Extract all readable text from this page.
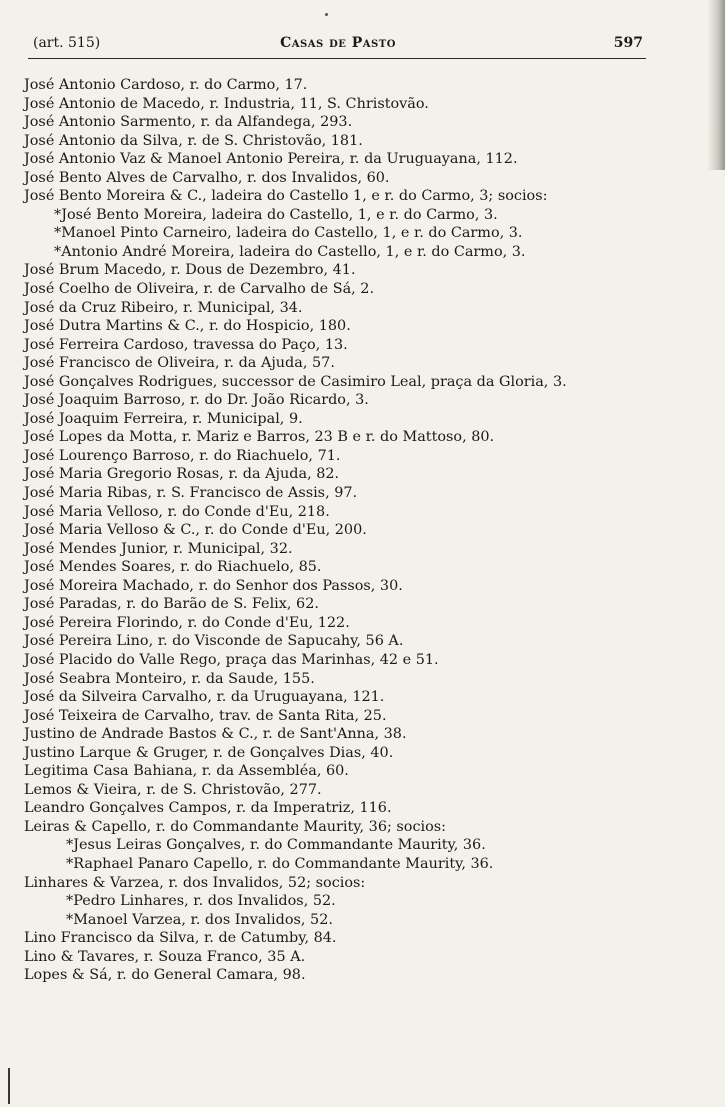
(art. 515)	Casas de Pasto	597
José Antonio Cardoso, r. do Carmo, 17.
José Antonio de Macedo, r. Industria, 11, S. Christovão.
José Antonio Sarmento, r. da Alfandega, 293.
José Antonio da Silva, r. de S. Christovão, 181.
José Antonio Vaz & Manoel Antonio Pereira, r. da Uruguayana, 112.
José Bento Alves de Carvalho, r. dos Invalidos, 60.
José Bento Moreira & C., ladeira do Castello 1, e r. do Carmo, 3; socios:
*José Bento Moreira, ladeira do Castello, 1, e r. do Carmo, 3.
*Manoel Pinto Carneiro, ladeira do Castello, 1, e r. do Carmo, 3.
*Antonio André Moreira, ladeira do Castello, 1, e r. do Carmo, 3.
José Brum Macedo, r. Dous de Dezembro, 41.
José Coelho de Oliveira, r. de Carvalho de Sá, 2.
José da Cruz Ribeiro, r. Municipal, 34.
José Dutra Martins & C., r. do Hospicio, 180.
José Ferreira Cardoso, travessa do Paço, 13.
José Francisco de Oliveira, r. da Ajuda, 57.
José Gonçalves Rodrigues, successor de Casimiro Leal, praça da Gloria, 3.
José Joaquim Barroso, r. do Dr. João Ricardo, 3.
José Joaquim Ferreira, r. Municipal, 9.
José Lopes da Motta, r. Mariz e Barros, 23 B e r. do Mattoso, 80.
José Lourenço Barroso, r. do Riachuelo, 71.
José Maria Gregorio Rosas, r. da Ajuda, 82.
José Maria Ribas, r. S. Francisco de Assis, 97.
José Maria Velloso, r. do Conde d'Eu, 218.
José Maria Velloso & C., r. do Conde d'Eu, 200.
José Mendes Junior, r. Municipal, 32.
José Mendes Soares, r. do Riachuelo, 85.
José Moreira Machado, r. do Senhor dos Passos, 30.
José Paradas, r. do Barão de S. Felix, 62.
José Pereira Florindo, r. do Conde d'Eu, 122.
José Pereira Lino, r. do Visconde de Sapucahy, 56 A.
José Placido do Valle Rego, praça das Marinhas, 42 e 51.
José Seabra Monteiro, r. da Saude, 155.
José da Silveira Carvalho, r. da Uruguayana, 121.
José Teixeira de Carvalho, trav. de Santa Rita, 25.
Justino de Andrade Bastos & C., r. de Sant'Anna, 38.
Justino Larque & Gruger, r. de Gonçalves Dias, 40.
Legitima Casa Bahiana, r. da Assembléa, 60.
Lemos & Vieira, r. de S. Christovão, 277.
Leandro Gonçalves Campos, r. da Imperatriz, 116.
Leiras & Capello, r. do Commandante Maurity, 36; socios:
*Jesus Leiras Gonçalves, r. do Commandante Maurity, 36.
*Raphael Panaro Capello, r. do Commandante Maurity, 36.
Linhares & Varzea, r. dos Invalidos, 52; socios:
*Pedro Linhares, r. dos Invalidos, 52.
*Manoel Varzea, r. dos Invalidos, 52.
Lino Francisco da Silva, r. de Catumby, 84.
Lino & Tavares, r. Souza Franco, 35 A.
Lopes & Sá, r. do General Camara, 98.
